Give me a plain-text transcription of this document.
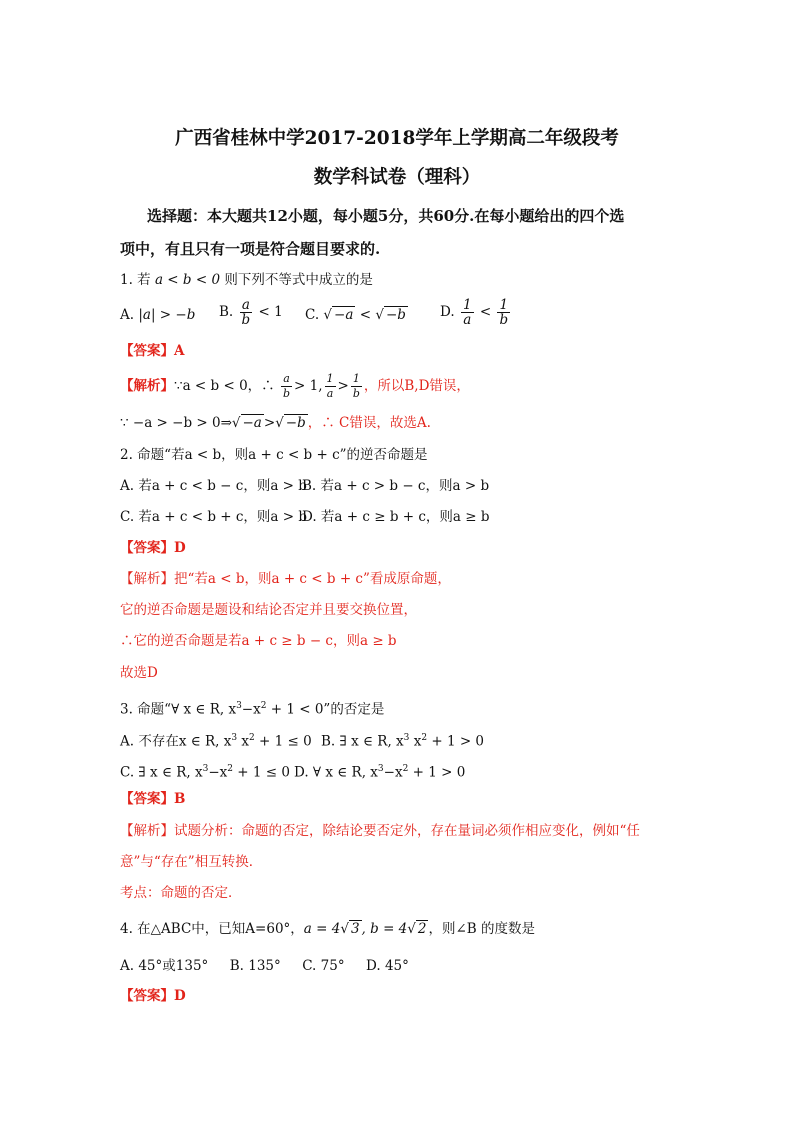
广西省桂林中学2017-2018学年上学期高二年级段考
数学科试卷（理科）
选择题：本大题共12小题，每小题5分，共60分.在每小题给出的四个选
项中，有且只有一项是符合题目要求的.
1. 若 a < b < 0 则下列不等式中成立的是
A. |a| > −b B. $\frac{a}{b} < 1$ C. √ −a < √ −b	D. $\frac{1}{a} < \frac{1}{b}$
【答案】A
【解析】∵a < b < 0，∴ $\frac{a}{b} > 1$, $\frac{1}{a} > \frac{1}{b}$ ，所以B,D错误，
∵ −a > −b > 0⇒√ −a >√ −b ，∴ C错误，故选A.
2. 命题“若a < b，则a + c < b + c”的逆否命题是
A. 若a + c < b − c，则a > b
B. 若a + c > b − c，则a > b
C. 若a + c < b + c，则a > b
D. 若a + c ≥ b + c，则a ≥ b
【答案】D
【解析】把“若a < b，则a + c < b + c”看成原命题，
它的逆否命题是题设和结论否定并且要交换位置，
∴它的逆否命题是若a + c ≥ b − c，则a ≥ b
故选D
3. 命题“∀ x ∈ R, $x^3-x^2 + 1 < 0$”的否定是
A. 不存在x ∈ R, $x^3$ $x^2 + 1 \le 0$ B. ∃ x ∈ R, $x^3$ $x^2 + 1 > 0$
C. ∃ x ∈ R, $x^3-x^2 + 1 \le 0$ D. ∀ x ∈ R, $x^3-x^2 + 1 > 0$
【答案】B
【解析】试题分析：命题的否定，除结论要否定外，存在量词必须作相应变化，例如“任
意”与“存在”相互转换．
考点：命题的否定．
4. 在△ABC中，已知A=60°，a = 4√ 3 , b = 4√ 2 ，则∠B 的度数是
A. 45°或135°     B. 135°     C. 75°     D. 45°
【答案】D
